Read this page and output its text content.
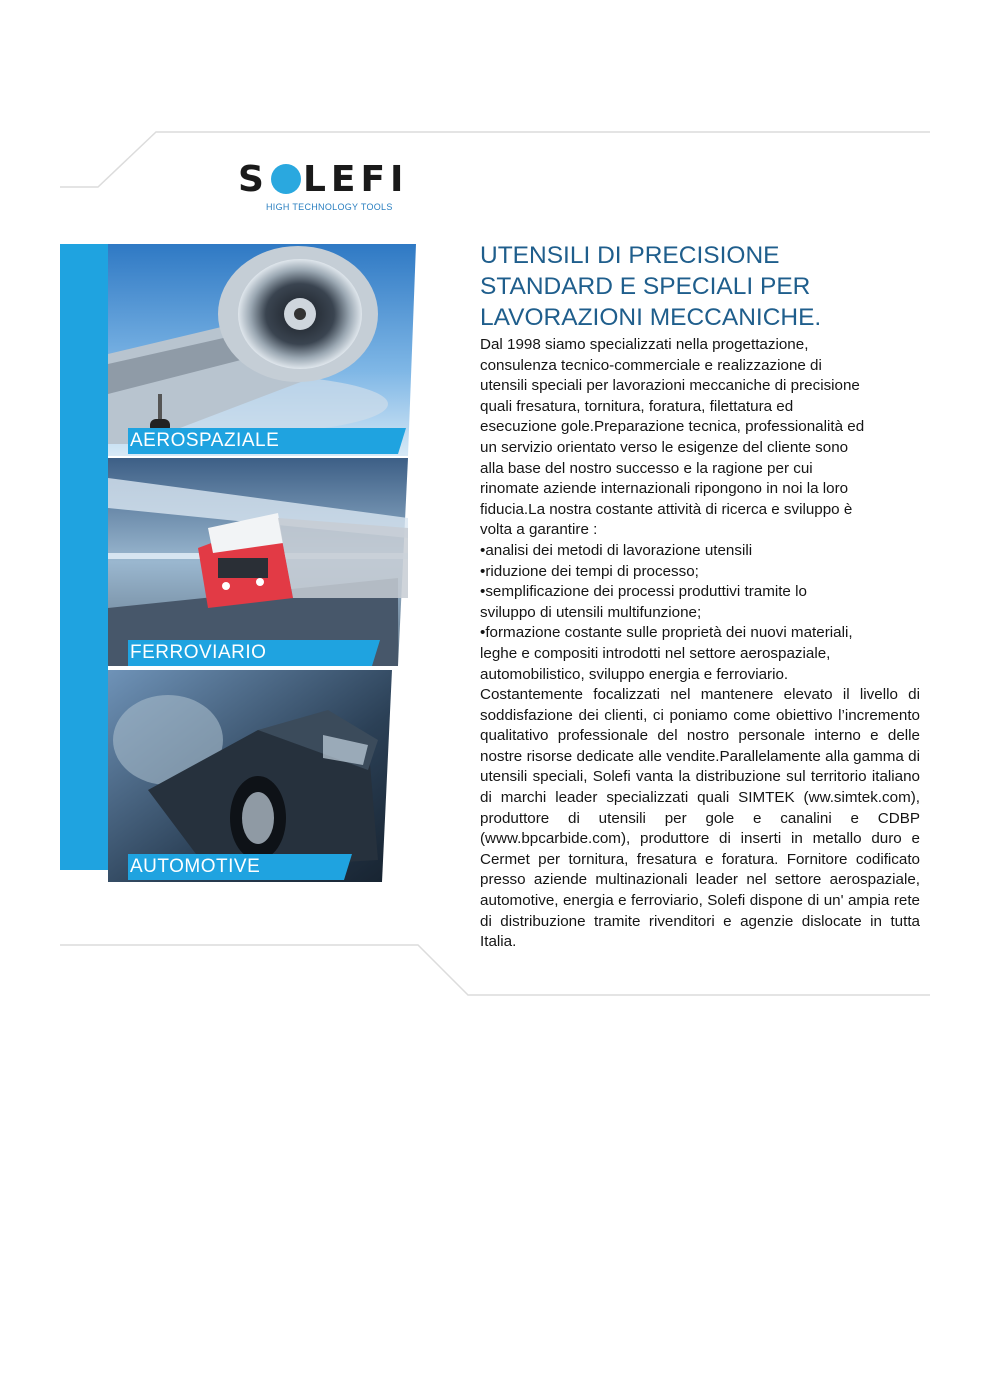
S LEFI
HIGH TECHNOLOGY TOOLS
AEROSPAZIALE
FERROVIARIO
AUTOMOTIVE
UTENSILI DI PRECISIONE
STANDARD E SPECIALI PER
LAVORAZIONI MECCANICHE.

Dal 1998 siamo specializzati nella progettazione,
consulenza tecnico-commerciale e realizzazione di
utensili speciali per lavorazioni meccaniche di precisione
quali fresatura, tornitura, foratura, filettatura ed
esecuzione gole.Preparazione tecnica, professionalità ed
un servizio orientato verso le esigenze del cliente sono
alla base del nostro successo e la ragione per cui
rinomate aziende internazionali ripongono in noi la loro
fiducia.La nostra costante attività di ricerca e sviluppo è
volta a garantire :

•analisi dei metodi di lavorazione utensili

•riduzione dei tempi di processo;

•semplificazione dei processi produttivi tramite lo
sviluppo di utensili multifunzione;

•formazione costante sulle proprietà dei nuovi materiali,
leghe e compositi introdotti nel settore aerospaziale,
automobilistico, sviluppo energia e ferroviario.

Costantemente focalizzati nel mantenere elevato il livello di soddisfazione dei clienti, ci poniamo come obiettivo l’incremento qualitativo professionale del nostro personale interno e delle nostre risorse dedicate alle vendite.Parallelamente alla gamma di utensili speciali, Solefi vanta la distribuzione sul territorio italiano di marchi leader specializzati quali SIMTEK (ww.simtek.com), produttore di utensili per gole e canalini e CDBP (www.bpcarbide.com), produttore di inserti in metallo duro e Cermet per tornitura, fresatura e foratura. Fornitore codificato presso aziende multinazionali leader nel settore aerospaziale, automotive, energia e ferroviario, Solefi dispone di un' ampia rete di distribuzione tramite rivenditori e agenzie dislocate in tutta Italia.
